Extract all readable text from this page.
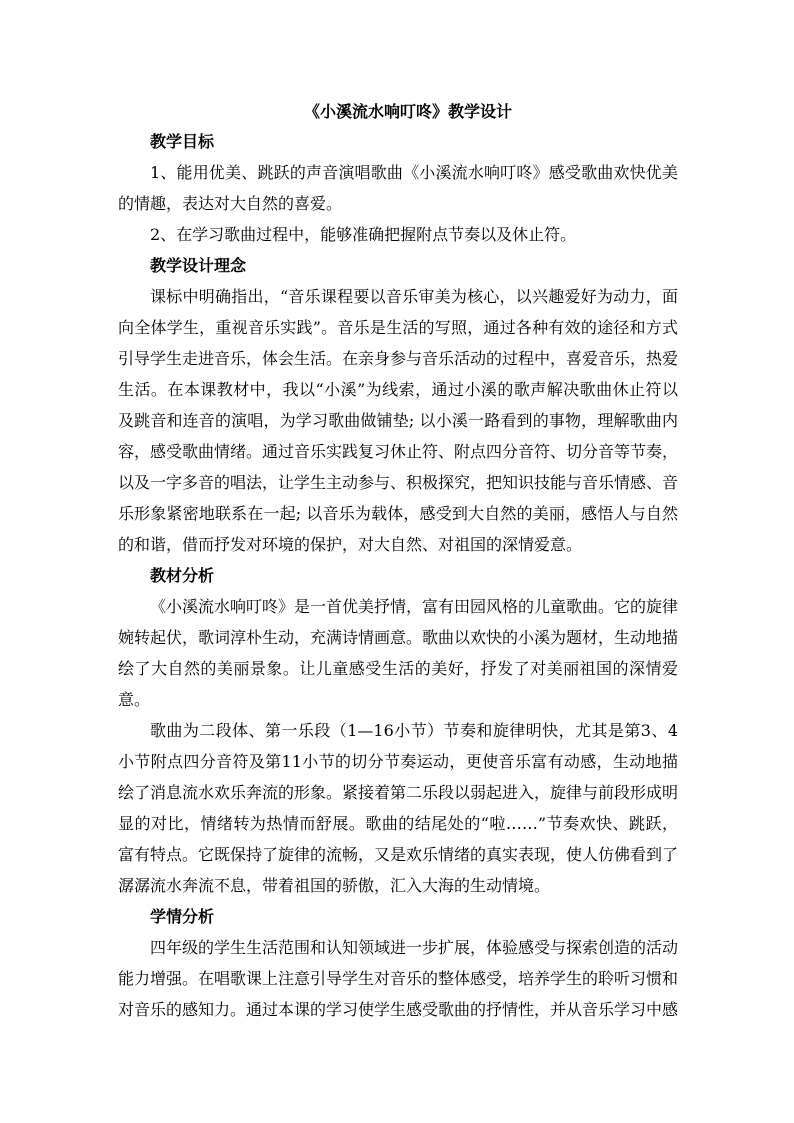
《小溪流水响叮咚》教学设计

教学目标

1、能用优美、跳跃的声音演唱歌曲《小溪流水响叮咚》感受歌曲欢快优美的情趣，表达对大自然的喜爱。

2、在学习歌曲过程中，能够准确把握附点节奏以及休止符。

教学设计理念

课标中明确指出，“音乐课程要以音乐审美为核心，以兴趣爱好为动力，面向全体学生，重视音乐实践”。音乐是生活的写照，通过各种有效的途径和方式引导学生走进音乐，体会生活。在亲身参与音乐活动的过程中，喜爱音乐，热爱生活。在本课教材中，我以“小溪”为线索，通过小溪的歌声解决歌曲休止符以及跳音和连音的演唱，为学习歌曲做铺垫; 以小溪一路看到的事物，理解歌曲内容，感受歌曲情绪。通过音乐实践复习休止符、附点四分音符、切分音等节奏，以及一字多音的唱法，让学生主动参与、积极探究，把知识技能与音乐情感、音乐形象紧密地联系在一起; 以音乐为载体，感受到大自然的美丽，感悟人与自然的和谐，借而抒发对环境的保护，对大自然、对祖国的深情爱意。

教材分析

《小溪流水响叮咚》是一首优美抒情，富有田园风格的儿童歌曲。它的旋律婉转起伏，歌词淳朴生动，充满诗情画意。歌曲以欢快的小溪为题材，生动地描绘了大自然的美丽景象。让儿童感受生活的美好，抒发了对美丽祖国的深情爱意。

歌曲为二段体、第一乐段（1—16小节）节奏和旋律明快，尤其是第3、4小节附点四分音符及第11小节的切分节奏运动，更使音乐富有动感，生动地描绘了消息流水欢乐奔流的形象。紧接着第二乐段以弱起进入，旋律与前段形成明显的对比，情绪转为热情而舒展。歌曲的结尾处的“啦……”节奏欢快、跳跃，富有特点。它既保持了旋律的流畅，又是欢乐情绪的真实表现，使人仿佛看到了潺潺流水奔流不息，带着祖国的骄傲，汇入大海的生动情境。

学情分析

四年级的学生生活范围和认知领域进一步扩展，体验感受与探索创造的活动能力增强。在唱歌课上注意引导学生对音乐的整体感受，培养学生的聆听习惯和对音乐的感知力。通过本课的学习使学生感受歌曲的抒情性，并从音乐学习中感
